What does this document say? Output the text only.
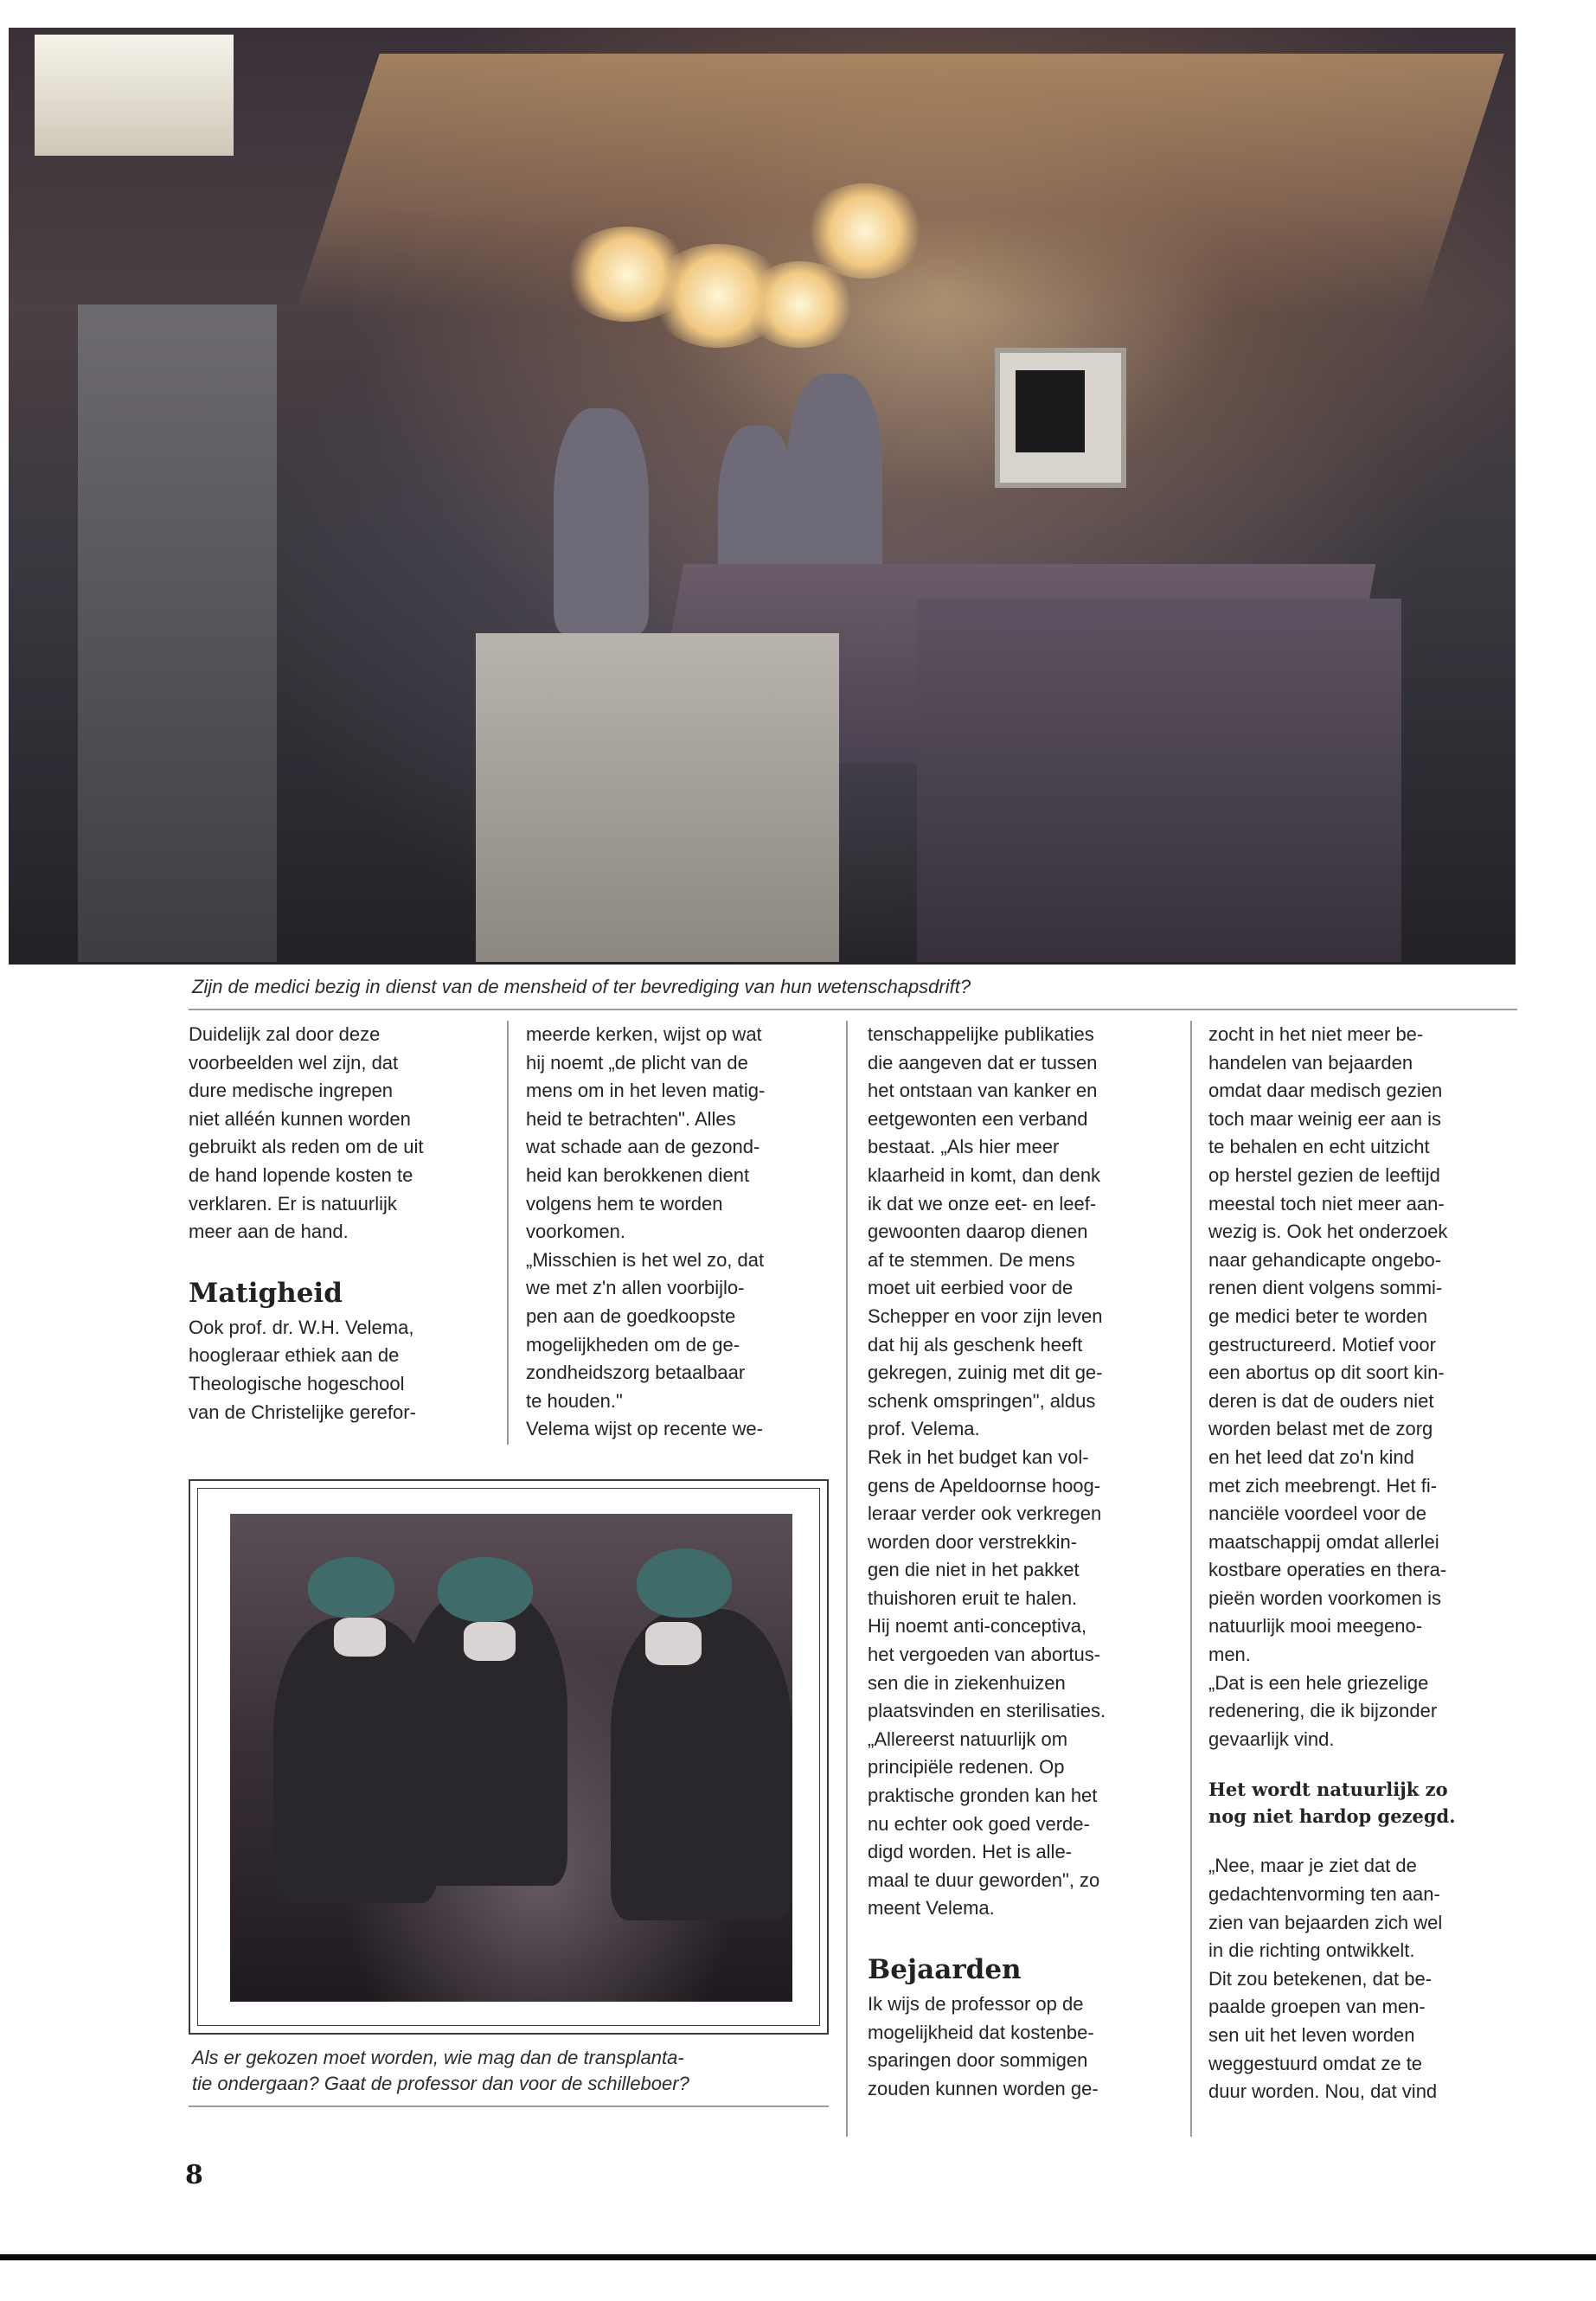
Zijn de medici bezig in dienst van de mensheid of ter bevrediging van hun wetenschapsdrift?
Duidelijk zal door deze
voorbeelden wel zijn, dat
dure medische ingrepen
niet alléén kunnen worden
gebruikt als reden om de uit
de hand lopende kosten te
verklaren. Er is natuurlijk
meer aan de hand.
Matigheid
Ook prof. dr. W.H. Velema,
hoogleraar ethiek aan de
Theologische hogeschool
van de Christelijke gerefor-
meerde kerken, wijst op wat
hij noemt „de plicht van de
mens om in het leven matig-
heid te betrachten". Alles
wat schade aan de gezond-
heid kan berokkenen dient
volgens hem te worden
voorkomen.
„Misschien is het wel zo, dat
we met z'n allen voorbijlo-
pen aan de goedkoopste
mogelijkheden om de ge-
zondheidszorg betaalbaar
te houden."
Velema wijst op recente we-
tenschappelijke publikaties
die aangeven dat er tussen
het ontstaan van kanker en
eetgewonten een verband
bestaat. „Als hier meer
klaarheid in komt, dan denk
ik dat we onze eet- en leef-
gewoonten daarop dienen
af te stemmen. De mens
moet uit eerbied voor de
Schepper en voor zijn leven
dat hij als geschenk heeft
gekregen, zuinig met dit ge-
schenk omspringen", aldus
prof. Velema.
Rek in het budget kan vol-
gens de Apeldoornse hoog-
leraar verder ook verkregen
worden door verstrekkin-
gen die niet in het pakket
thuishoren eruit te halen.
Hij noemt anti-conceptiva,
het vergoeden van abortus-
sen die in ziekenhuizen
plaatsvinden en sterilisaties.
„Allereerst natuurlijk om
principiële redenen. Op
praktische gronden kan het
nu echter ook goed verde-
digd worden. Het is alle-
maal te duur geworden", zo
meent Velema.
Bejaarden
Ik wijs de professor op de
mogelijkheid dat kostenbe-
sparingen door sommigen
zouden kunnen worden ge-
zocht in het niet meer be-
handelen van bejaarden
omdat daar medisch gezien
toch maar weinig eer aan is
te behalen en echt uitzicht
op herstel gezien de leeftijd
meestal toch niet meer aan-
wezig is. Ook het onderzoek
naar gehandicapte ongebo-
renen dient volgens sommi-
ge medici beter te worden
gestructureerd. Motief voor
een abortus op dit soort kin-
deren is dat de ouders niet
worden belast met de zorg
en het leed dat zo'n kind
met zich meebrengt. Het fi-
nanciële voordeel voor de
maatschappij omdat allerlei
kostbare operaties en thera-
pieën worden voorkomen is
natuurlijk mooi meegeno-
men.
„Dat is een hele griezelige
redenering, die ik bijzonder
gevaarlijk vind.
Het wordt natuurlijk zo
nog niet hardop gezegd.
„Nee, maar je ziet dat de
gedachtenvorming ten aan-
zien van bejaarden zich wel
in die richting ontwikkelt.
Dit zou betekenen, dat be-
paalde groepen van men-
sen uit het leven worden
weggestuurd omdat ze te
duur worden. Nou, dat vind
Als er gekozen moet worden, wie mag dan de transplanta-
tie ondergaan? Gaat de professor dan voor de schilleboer?
8
